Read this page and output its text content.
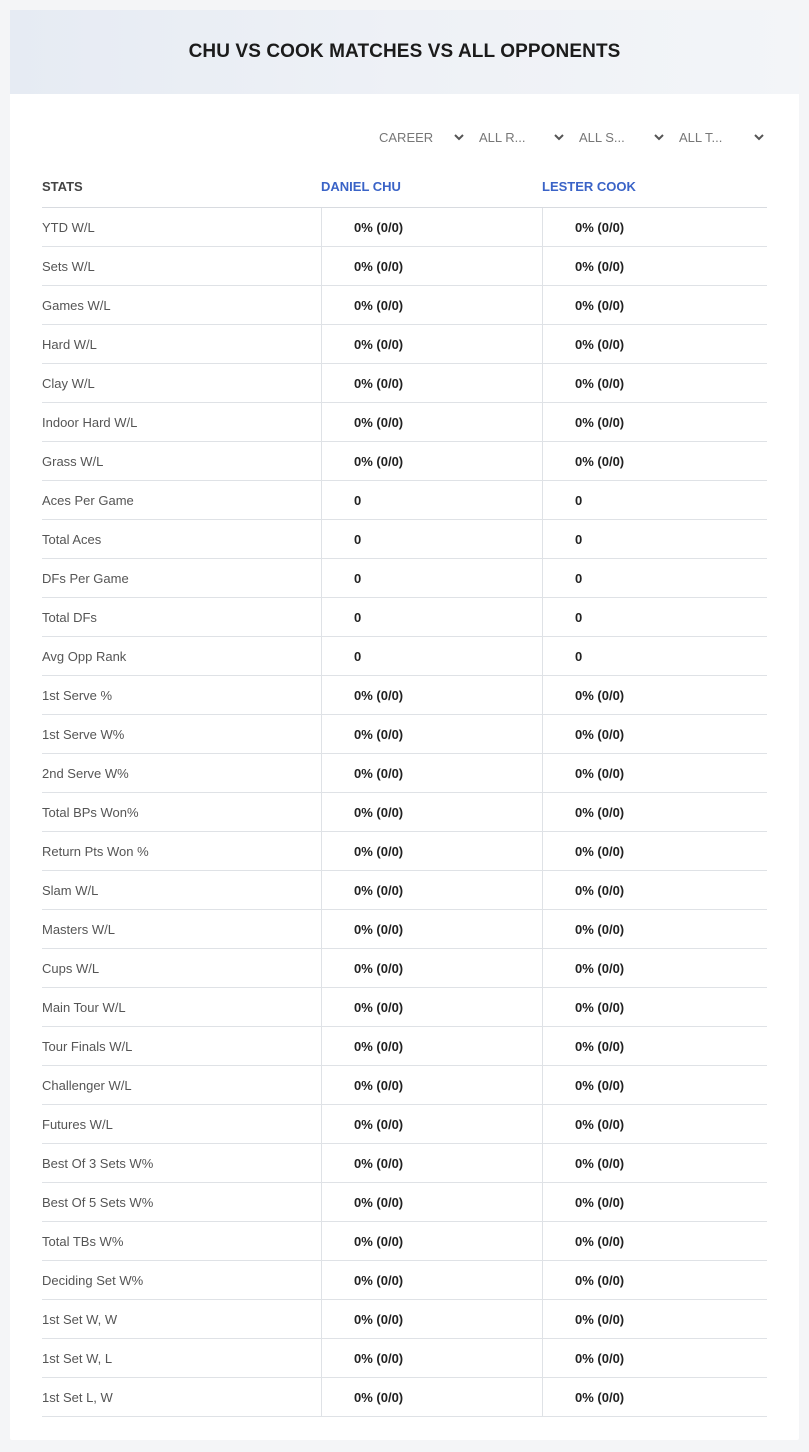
CHU VS COOK MATCHES VS ALL OPPONENTS
CAREER	ALL R...	ALL S...	ALL T...
STATS	DANIEL CHU	LESTER COOK
YTD W/L	0% (0/0)	0% (0/0)
Sets W/L	0% (0/0)	0% (0/0)
Games W/L	0% (0/0)	0% (0/0)
Hard W/L	0% (0/0)	0% (0/0)
Clay W/L	0% (0/0)	0% (0/0)
Indoor Hard W/L	0% (0/0)	0% (0/0)
Grass W/L	0% (0/0)	0% (0/0)
Aces Per Game	0	0
Total Aces	0	0
DFs Per Game	0	0
Total DFs	0	0
Avg Opp Rank	0	0
1st Serve %	0% (0/0)	0% (0/0)
1st Serve W%	0% (0/0)	0% (0/0)
2nd Serve W%	0% (0/0)	0% (0/0)
Total BPs Won%	0% (0/0)	0% (0/0)
Return Pts Won %	0% (0/0)	0% (0/0)
Slam W/L	0% (0/0)	0% (0/0)
Masters W/L	0% (0/0)	0% (0/0)
Cups W/L	0% (0/0)	0% (0/0)
Main Tour W/L	0% (0/0)	0% (0/0)
Tour Finals W/L	0% (0/0)	0% (0/0)
Challenger W/L	0% (0/0)	0% (0/0)
Futures W/L	0% (0/0)	0% (0/0)
Best Of 3 Sets W%	0% (0/0)	0% (0/0)
Best Of 5 Sets W%	0% (0/0)	0% (0/0)
Total TBs W%	0% (0/0)	0% (0/0)
Deciding Set W%	0% (0/0)	0% (0/0)
1st Set W, W	0% (0/0)	0% (0/0)
1st Set W, L	0% (0/0)	0% (0/0)
1st Set L, W	0% (0/0)	0% (0/0)
